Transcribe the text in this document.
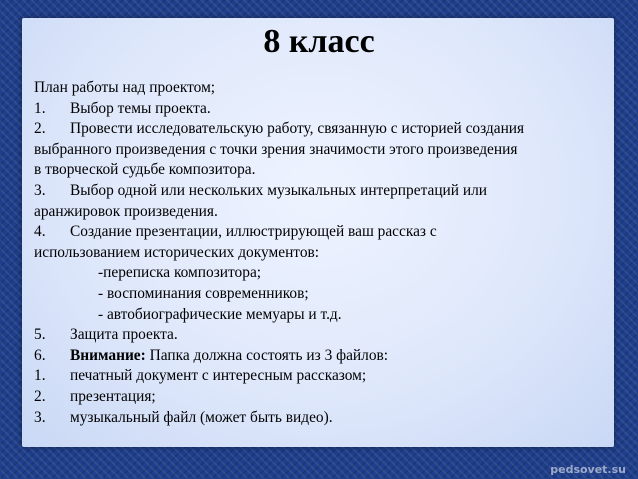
8 класс
План работы над проектом;
1. Выбор темы проекта.
2. Провести исследовательскую работу, связанную с историей создания
выбранного произведения с точки зрения значимости этого произведения
в творческой судьбе композитора.
3. Выбор одной или нескольких музыкальных интерпретаций или
аранжировок произведения.
4. Создание презентации, иллюстрирующей ваш рассказ с
использованием исторических документов:
-переписка композитора;
- воспоминания современников;
- автобиографические мемуары и т.д.
5. Защита проекта.
6. Внимание: Папка должна состоять из 3 файлов:
1. печатный документ с интересным рассказом;
2. презентация;
3. музыкальный файл (может быть видео).
pedsovet.su
